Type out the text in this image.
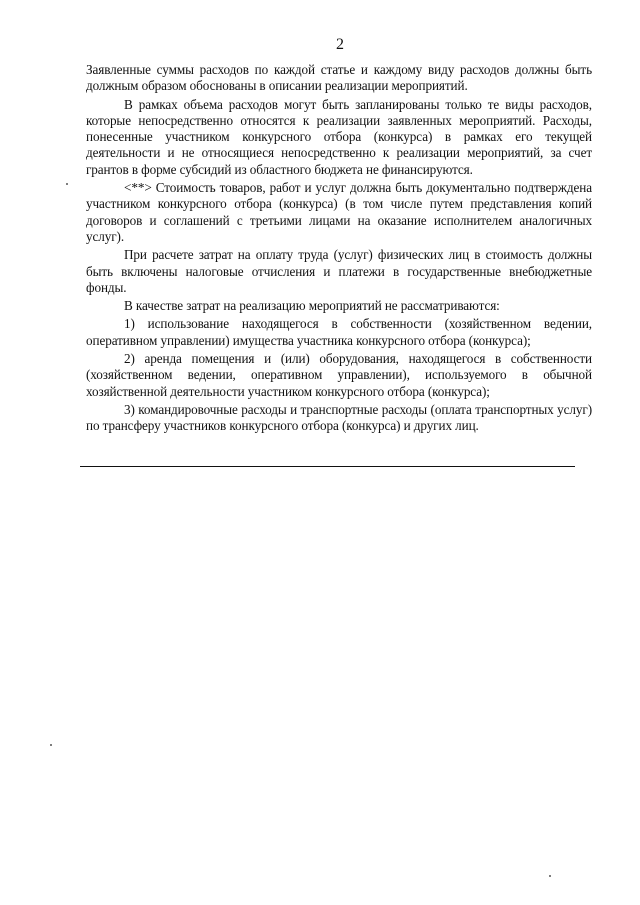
2

Заявленные суммы расходов по каждой статье и каждому виду расходов должны быть должным образом обоснованы в описании реализации мероприятий.

В рамках объема расходов могут быть запланированы только те виды расходов, которые непосредственно относятся к реализации заявленных мероприятий. Расходы, понесенные участником конкурсного отбора (конкурса) в рамках его текущей деятельности и не относящиеся непосредственно к реализации мероприятий, за счет грантов в форме субсидий из областного бюджета не финансируются.

<**> Стоимость товаров, работ и услуг должна быть документально подтверждена участником конкурсного отбора (конкурса) (в том числе путем представления копий договоров и соглашений с третьими лицами на оказание исполнителем аналогичных услуг).

При расчете затрат на оплату труда (услуг) физических лиц в стоимость должны быть включены налоговые отчисления и платежи в государственные внебюджетные фонды.

В качестве затрат на реализацию мероприятий не рассматриваются:

1) использование находящегося в собственности (хозяйственном ведении, оперативном управлении) имущества участника конкурсного отбора (конкурса);

2) аренда помещения и (или) оборудования, находящегося в собственности (хозяйственном ведении, оперативном управлении), используемого в обычной хозяйственной деятельности участником конкурсного отбора (конкурса);

3) командировочные расходы и транспортные расходы (оплата транспортных услуг) по трансферу участников конкурсного отбора (конкурса) и других лиц.
